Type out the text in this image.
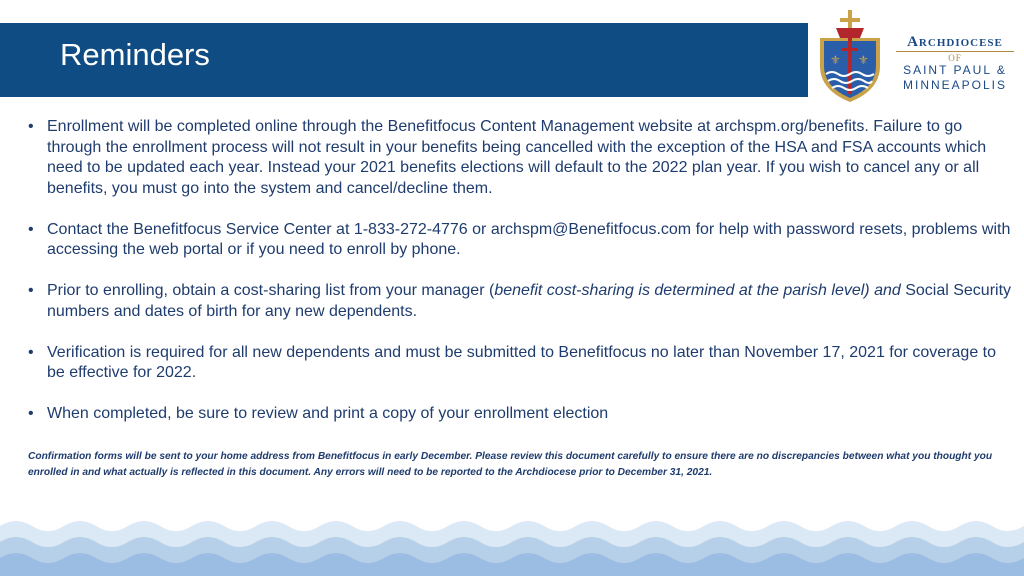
Reminders	⚜ ⚜
Archdiocese
OF
SAINT PAUL &
MINNEAPOLIS
• Enrollment will be completed online through the Benefitfocus Content Management website at archspm.org/benefits. Failure to go through the enrollment process will not result in your benefits being cancelled with the exception of the HSA and FSA accounts which need to be updated each year. Instead your 2021 benefits elections will default to the 2022 plan year. If you wish to cancel any or all benefits, you must go into the system and cancel/decline them.
• Contact the Benefitfocus Service Center at 1-833-272-4776 or archspm@Benefitfocus.com for help with password resets, problems with accessing the web portal or if you need to enroll by phone.
• Prior to enrolling, obtain a cost-sharing list from your manager (benefit cost-sharing is determined at the parish level) and Social Security numbers and dates of birth for any new dependents.
• Verification is required for all new dependents and must be submitted to Benefitfocus no later than November 17, 2021 for coverage to be effective for 2022.
• When completed, be sure to review and print a copy of your enrollment election
Confirmation forms will be sent to your home address from Benefitfocus in early December. Please review this document carefully to ensure there are no discrepancies between what you thought you enrolled in and what actually is reflected in this document. Any errors will need to be reported to the Archdiocese prior to December 31, 2021.
